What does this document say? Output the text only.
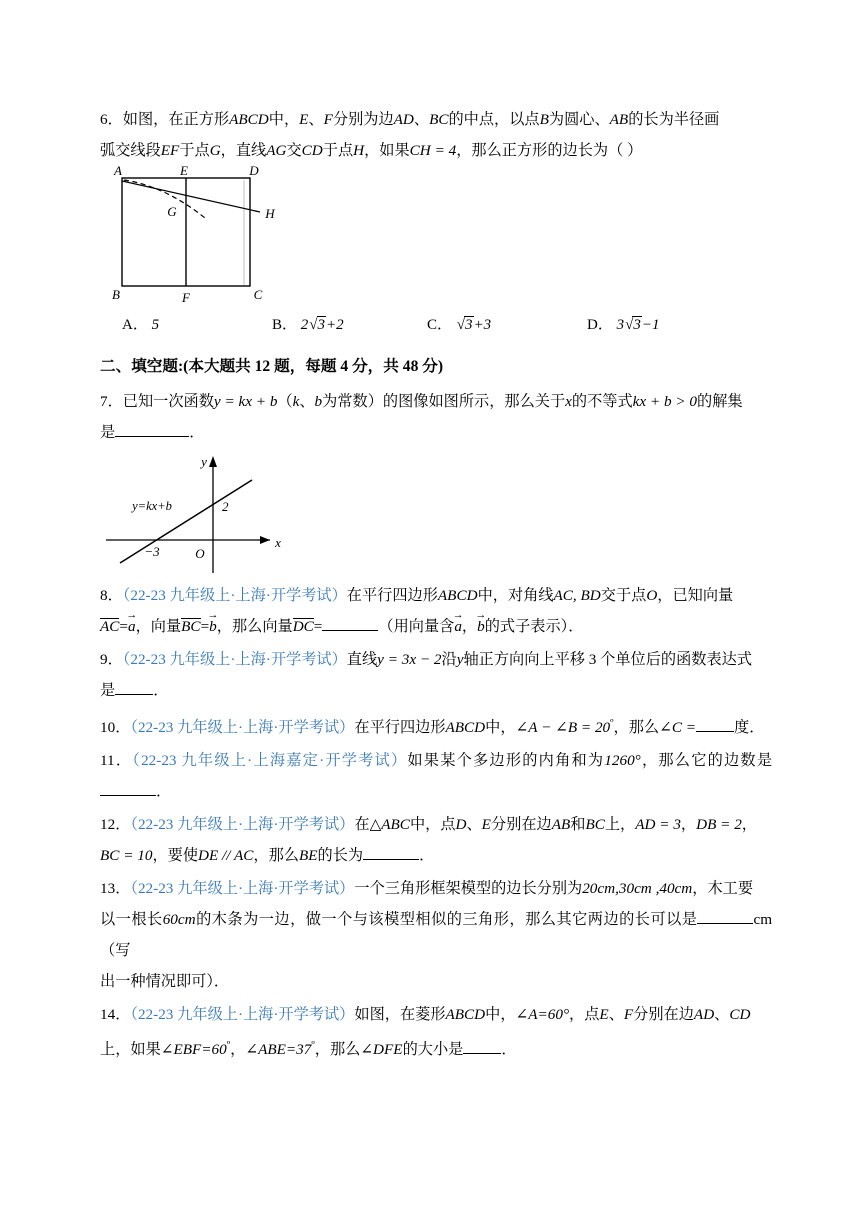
6．如图，在正方形ABCD中，E、F分别为边AD、BC的中点，以点B为圆心、AB的长为半径画
弧交线段EF于点G，直线AG交CD于点H，如果CH = 4，那么正方形的边长为（ ）
A	E	D
G	H
B	F	C
A． 5	B． 2√3+2	C． √3+3	D． 3√3−1
二、填空题:(本大题共 12 题，每题 4 分，共 48 分)
7．已知一次函数y = kx + b（k、b为常数）的图像如图所示，那么关于x的不等式kx + b > 0的解集
是	．
y
x
O
2
−3
y=kx+b
8．（22-23 九年级上·上海·开学考试）在平行四边形ABCD中，对角线AC, BD交于点O，已知向量
AC=→ a，向量BC=→ b，那么向量DC=	（用向量含→ a，→ b的式子表示）．
9．（22-23 九年级上·上海·开学考试）直线y = 3x − 2沿y轴正方向向上平移 3 个单位后的函数表达式
是	．
10．（22-23 九年级上·上海·开学考试）在平行四边形ABCD中，∠A − ∠B = $20^º$，那么∠C =	度．
11．（22-23 九年级上·上海嘉定·开学考试）如果某个多边形的内角和为1260°，那么它的边数是．
12．（22-23 九年级上·上海·开学考试）在△ABC中，点D、E分别在边AB和BC上，AD = 3，DB = 2，
BC = 10，要使DE // AC，那么BE的长为	．
13．（22-23 九年级上·上海·开学考试）一个三角形框架模型的边长分别为20cm,30cm ,40cm，木工要
以一根长60cm的木条为一边，做一个与该模型相似的三角形，那么其它两边的长可以是	cm（写
出一种情况即可）．
14．（22-23 九年级上·上海·开学考试）如图，在菱形ABCD中，∠A=60°，点E、F分别在边AD、CD
上，如果$\angle EBF=60^º$，$\angle ABE=37^º$，那么∠DFE的大小是	．
